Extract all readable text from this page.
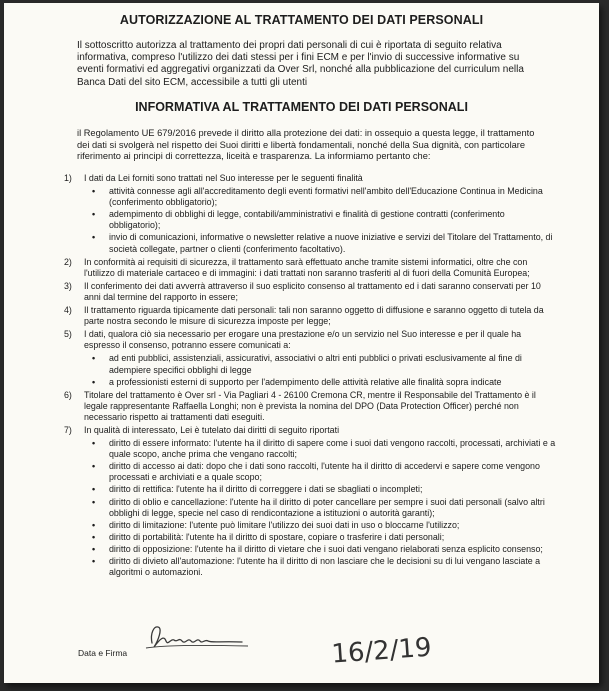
AUTORIZZAZIONE AL TRATTAMENTO DEI DATI PERSONALI
Il sottoscritto autorizza al trattamento dei propri dati personali di cui è riportata di seguito relativa informativa, compreso l'utilizzo dei dati stessi per i fini ECM e per l'invio di successive informative su eventi formativi ed aggregativi organizzati da Over Srl, nonché alla pubblicazione del curriculum nella Banca Dati del sito ECM, accessibile a tutti gli utenti
INFORMATIVA AL TRATTAMENTO DEI DATI PERSONALI
il Regolamento UE 679/2016 prevede il diritto alla protezione dei dati: in ossequio a questa legge, il trattamento dei dati si svolgerà nel rispetto dei Suoi diritti e libertà fondamentali, nonché della Sua dignità, con particolare riferimento ai principi di correttezza, liceità e trasparenza. La informiamo pertanto che:
1) I dati da Lei forniti sono trattati nel Suo interesse per le seguenti finalità
• attività connesse agli all'accreditamento degli eventi formativi nell'ambito dell'Educazione Continua in Medicina (conferimento obbligatorio);
• adempimento di obblighi di legge, contabili/amministrativi e finalità di gestione contratti (conferimento obbligatorio);
• invio di comunicazioni, informative o newsletter relative a nuove iniziative e servizi del Titolare del Trattamento, di società collegate, partner o clienti (conferimento facoltativo).
2) In conformità ai requisiti di sicurezza, il trattamento sarà effettuato anche tramite sistemi informatici, oltre che con l'utilizzo di materiale cartaceo e di immagini: i dati trattati non saranno trasferiti al di fuori della Comunità Europea;
3) Il conferimento dei dati avverrà attraverso il suo esplicito consenso al trattamento ed i dati saranno conservati per 10 anni dal termine del rapporto in essere;
4) Il trattamento riguarda tipicamente dati personali: tali non saranno oggetto di diffusione e saranno oggetto di tutela da parte nostra secondo le misure di sicurezza imposte per legge;
5) I dati, qualora ciò sia necessario per erogare una prestazione e/o un servizio nel Suo interesse e per il quale ha espresso il consenso, potranno essere comunicati a:
• ad enti pubblici, assistenziali, assicurativi, associativi o altri enti pubblici o privati esclusivamente al fine di adempiere specifici obblighi di legge
• a professionisti esterni di supporto per l'adempimento delle attività relative alle finalità sopra indicate
6) Titolare del trattamento è Over srl - Via Pagliari 4 - 26100 Cremona CR, mentre il Responsabile del Trattamento è il legale rappresentante Raffaella Longhi; non è prevista la nomina del DPO (Data Protection Officer) perché non necessario rispetto ai trattamenti dati eseguiti.
7) In qualità di interessato, Lei è tutelato dai diritti di seguito riportati
• diritto di essere informato: l'utente ha il diritto di sapere come i suoi dati vengono raccolti, processati, archiviati e a quale scopo, anche prima che vengano raccolti;
• diritto di accesso ai dati: dopo che i dati sono raccolti, l'utente ha il diritto di accedervi e sapere come vengono processati e archiviati e a quale scopo;
• diritto di rettifica: l'utente ha il diritto di correggere i dati se sbagliati o incompleti;
• diritto di oblio e cancellazione: l'utente ha il diritto di poter cancellare per sempre i suoi dati personali (salvo altri obblighi di legge, specie nel caso di rendicontazione a istituzioni o autorità garanti);
• diritto di limitazione: l'utente può limitare l'utilizzo dei suoi dati in uso o bloccarne l'utilizzo;
• diritto di portabilità: l'utente ha il diritto di spostare, copiare o trasferire i dati personali;
• diritto di opposizione: l'utente ha il diritto di vietare che i suoi dati vengano rielaborati senza esplicito consenso;
• diritto di divieto all'automazione: l'utente ha il diritto di non lasciare che le decisioni su di lui vengano lasciate a algoritmi o automazioni.
Data e Firma	16/2/19
